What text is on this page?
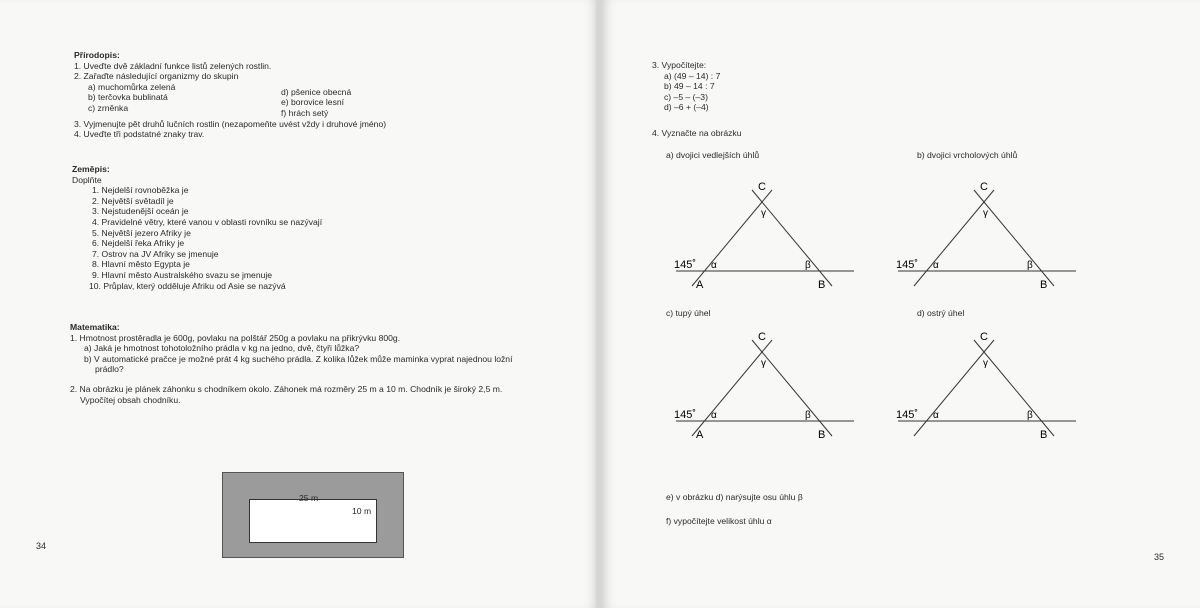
Přírodopis:
1. Uveďte dvě základní funkce listů zelených rostlin.
2. Zařaďte následující organizmy do skupin
a) muchomůrka zelená
b) terčovka bublinatá
c) zrněnka
d) pšenice obecná
e) borovice lesní
f) hrách setý
3. Vyjmenujte pět druhů lučních rostlin (nezapomeňte uvést vždy i druhové jméno)
4. Uveďte tři podstatné znaky trav.
Zeměpis:
Doplňte
1. Nejdelší rovnoběžka je
2. Největší světadíl je
3. Nejstudenější oceán je
4. Pravidelné větry, které vanou v oblasti rovníku se nazývají
5. Největší jezero Afriky je
6. Nejdelší řeka Afriky je
7. Ostrov na JV Afriky se jmenuje
8. Hlavní město Egypta je
9. Hlavní město Australského svazu se jmenuje
10. Průplav, který odděluje Afriku od Asie se nazývá
Matematika:
1. Hmotnost prostěradla je 600g, povlaku na polštář 250g a povlaku na přikrývku 800g.
a) Jaká je hmotnost tohotoložního prádla v kg na jedno, dvě, čtyři lůžka?
b) V automatické pračce je možné prát 4 kg suchého prádla. Z kolika lůžek může maminka vyprat najednou ložní
prádlo?
2. Na obrázku je plánek záhonku s chodníkem okolo. Záhonek má rozměry 25 m a 10 m. Chodník je široký 2,5 m.
Vypočítej obsah chodníku.
25 m
10 m
34
3. Vypočítejte:
a) (49 – 14) : 7
b) 49 – 14 : 7
c) –5 – (–3)
d) –6 + (–4)
4. Vyznačte na obrázku
a) dvojici vedlejších úhlů	b) dvojici vrcholových úhlů
c) tupý úhel	d) ostrý úhel
C
γ
145˚ α	β
A	B
C
γ
145˚ α	β
B
C
γ
145˚ α	β
A	B
C
γ
145˚ α	β
B
e) v obrázku d) narýsujte osu úhlu β
f) vypočítejte velikost úhlu α
35
